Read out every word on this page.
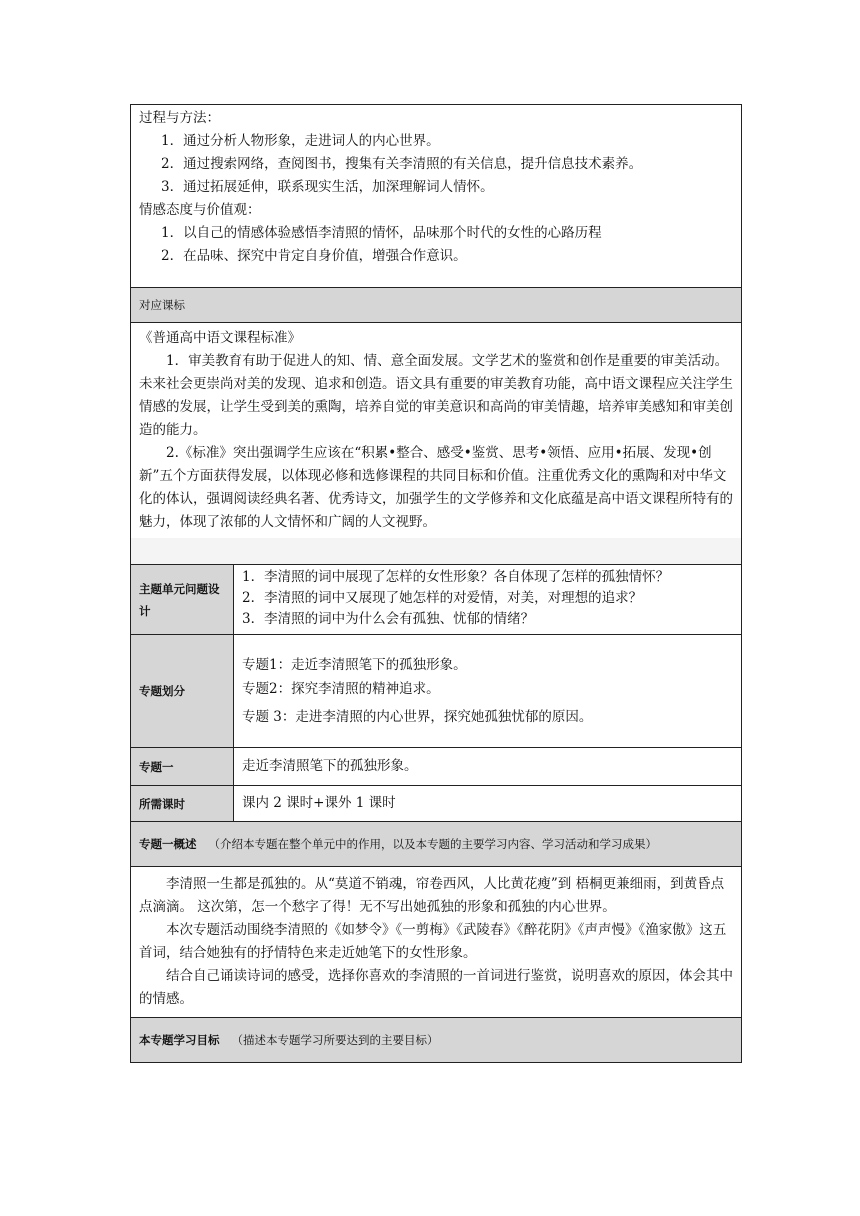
过程与方法：
1．通过分析人物形象，走进词人的内心世界。
2．通过搜索网络，查阅图书，搜集有关李清照的有关信息，提升信息技术素养。
3．通过拓展延伸，联系现实生活，加深理解词人情怀。
情感态度与价值观：
1．以自己的情感体验感悟李清照的情怀，品味那个时代的女性的心路历程
2．在品味、探究中肯定自身价值，增强合作意识。
对应课标
《普通高中语文课程标准》
1．审美教育有助于促进人的知、情、意全面发展。文学艺术的鉴赏和创作是重要的审美活动。未来社会更崇尚对美的发现、追求和创造。语文具有重要的审美教育功能，高中语文课程应关注学生情感的发展，让学生受到美的熏陶，培养自觉的审美意识和高尚的审美情趣，培养审美感知和审美创造的能力。
2.《标准》突出强调学生应该在“积累•整合、感受•鉴赏、思考•领悟、应用•拓展、发现•创新”五个方面获得发展，以体现必修和选修课程的共同目标和价值。注重优秀文化的熏陶和对中华文化的体认，强调阅读经典名著、优秀诗文，加强学生的文学修养和文化底蕴是高中语文课程所特有的魅力，体现了浓郁的人文情怀和广阔的人文视野。
主题单元问题设计
1．李清照的词中展现了怎样的女性形象？各自体现了怎样的孤独情怀？
2．李清照的词中又展现了她怎样的对爱情，对美，对理想的追求？
3．李清照的词中为什么会有孤独、忧郁的情绪？
专题划分
专题1：走近李清照笔下的孤独形象。
专题2：探究李清照的精神追求。
专题 3：走进李清照的内心世界，探究她孤独忧郁的原因。
专题一	走近李清照笔下的孤独形象。
所需课时	课内 2 课时+课外 1 课时
专题一概述 （介绍本专题在整个单元中的作用，以及本专题的主要学习内容、学习活动和学习成果）
李清照一生都是孤独的。从“莫道不销魂，帘卷西风，人比黄花瘦”到 梧桐更兼细雨，到黄昏点点滴滴。 这次第，怎一个愁字了得！无不写出她孤独的形象和孤独的内心世界。
本次专题活动围绕李清照的《如梦令》《一剪梅》《武陵春》《醉花阴》《声声慢》《渔家傲》这五首词，结合她独有的抒情特色来走近她笔下的女性形象。
结合自己诵读诗词的感受，选择你喜欢的李清照的一首词进行鉴赏，说明喜欢的原因，体会其中的情感。
本专题学习目标 （描述本专题学习所要达到的主要目标）
